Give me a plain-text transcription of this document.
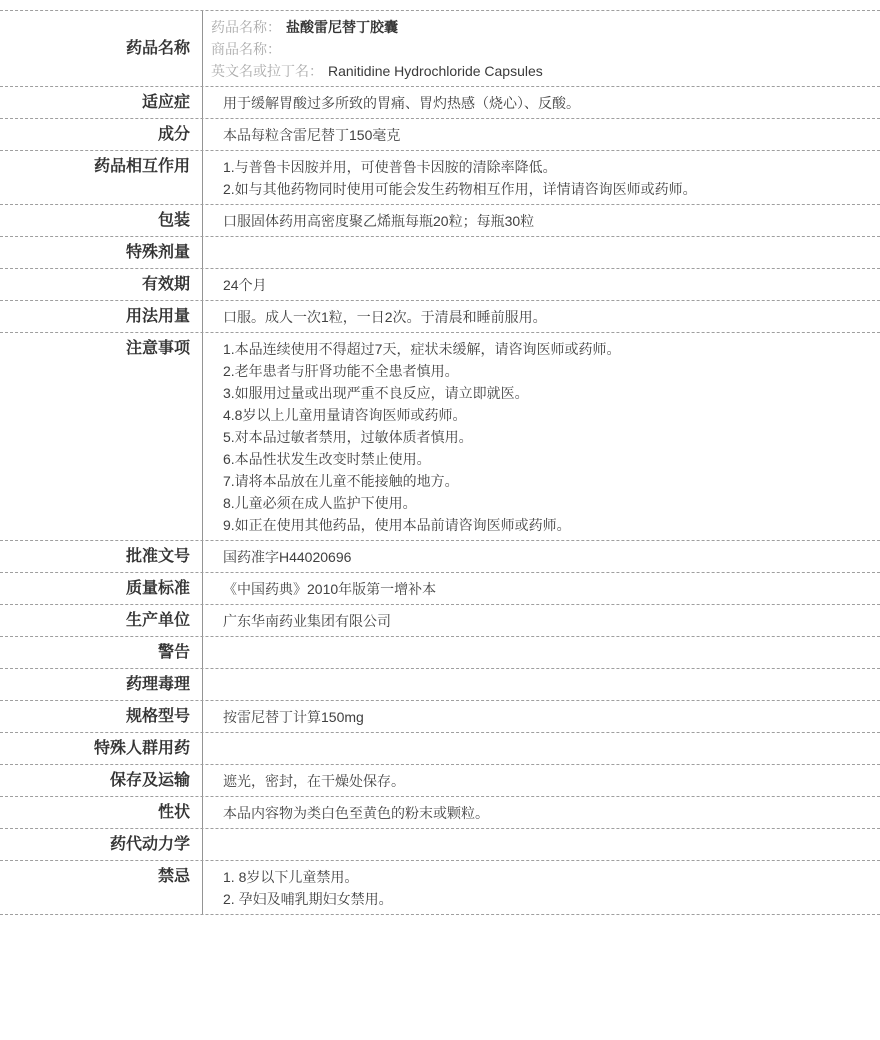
药品名称

药品名称： 盐酸雷尼替丁胶囊

商品名称：

英文名或拉丁名： Ranitidine Hydrochloride Capsules

适应症	用于缓解胃酸过多所致的胃痛、胃灼热感（烧心）、反酸。

成分	本品每粒含雷尼替丁150毫克

药品相互作用	1.与普鲁卡因胺并用，可使普鲁卡因胺的清除率降低。

2.如与其他药物同时使用可能会发生药物相互作用，详情请咨询医师或药师。

包装	口服固体药用高密度聚乙烯瓶每瓶20粒；每瓶30粒

特殊剂量
有效期	24个月

用法用量	口服。成人一次1粒，一日2次。于清晨和睡前服用。

注意事项	1.本品连续使用不得超过7天，症状未缓解，请咨询医师或药师。

2.老年患者与肝肾功能不全患者慎用。

3.如服用过量或出现严重不良反应，请立即就医。

4.8岁以上儿童用量请咨询医师或药师。

5.对本品过敏者禁用，过敏体质者慎用。

6.本品性状发生改变时禁止使用。

7.请将本品放在儿童不能接触的地方。

8.儿童必须在成人监护下使用。

9.如正在使用其他药品，使用本品前请咨询医师或药师。

批准文号	国药准字H44020696

质量标准	《中国药典》2010年版第一增补本

生产单位	广东华南药业集团有限公司

警告
药理毒理
规格型号	按雷尼替丁计算150mg

特殊人群用药
保存及运输	遮光，密封，在干燥处保存。

性状	本品内容物为类白色至黄色的粉末或颗粒。

药代动力学
禁忌	1. 8岁以下儿童禁用。

2. 孕妇及哺乳期妇女禁用。
